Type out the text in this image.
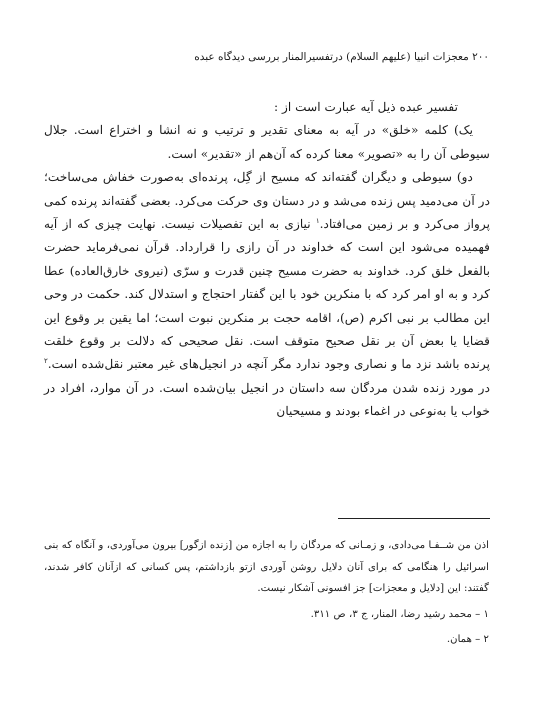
۲۰۰ معجزات انبیا (علیهم السلام) درتفسیرالمنار بررسی دیدگاه عبده

تفسیر عبده ذیل آیه عبارت است از :

یک) کلمه «خلق» در آیه به معنای تقدیر و ترتیب و نه انشا و اختراع است. جلال سیوطی آن را به «تصویر» معنا کرده که آن‌هم از «تقدیر» است.

دو) سیوطی و دیگران گفته‌اند که مسیح از گِل، پرنده‌ای به‌صورت خفاش می‌ساخت؛ در آن می‌دمید پس زنده می‌شد و در دستان وی حرکت می‌کرد. بعضی گفته‌اند پرنده کمی پرواز می‌کرد و بر زمین می‌افتاد.$^۱$ نیازی به این تفصیلات نیست. نهایت چیزی که از آیه فهمیده می‌شود این است که خداوند در آن رازی را قرارداد. قرآن نمی‌فرماید حضرت بالفعل خلق کرد. خداوند به حضرت مسیح چنین قدرت و سرّی (نیروی خارق‌العاده) عطا کرد و به او امر کرد که با منکرین خود با این گفتار احتجاج و استدلال کند. حکمت در وحی این مطالب بر نبی اکرم (ص)، اقامه حجت بر منکرین نبوت است؛ اما یقین بر وقوع این قضایا یا بعض آن بر نقل صحیح متوقف است. نقل صحیحی که دلالت بر وقوع خلقت پرنده باشد نزد ما و نصاری وجود ندارد مگر آنچه در انجیل‌های غیر معتبر نقل‌شده است.$^۲$ در مورد زنده شدن مردگان سه داستان در انجیل بیان‌شده است. در آن موارد، افراد در خواب یا به‌نوعی در اغماء بودند و مسیحیان

اذن من شــفـا می‌دادی، و زمـانی که مردگان را به اجازه من [زنده ازگور] بیرون می‌آوردی، و آنگاه که بنی اسرائیل را هنگامی که برای آنان دلایل روشن آوردی ازتو بازداشتم، پس کسانی که ازآنان کافر شدند، گفتند: این [دلایل و معجزات] جز افسونی آشکار نیست.

۱ – محمد رشید رضا، المنار، ج ۳، ص ۳۱۱.

۲ – همان.
